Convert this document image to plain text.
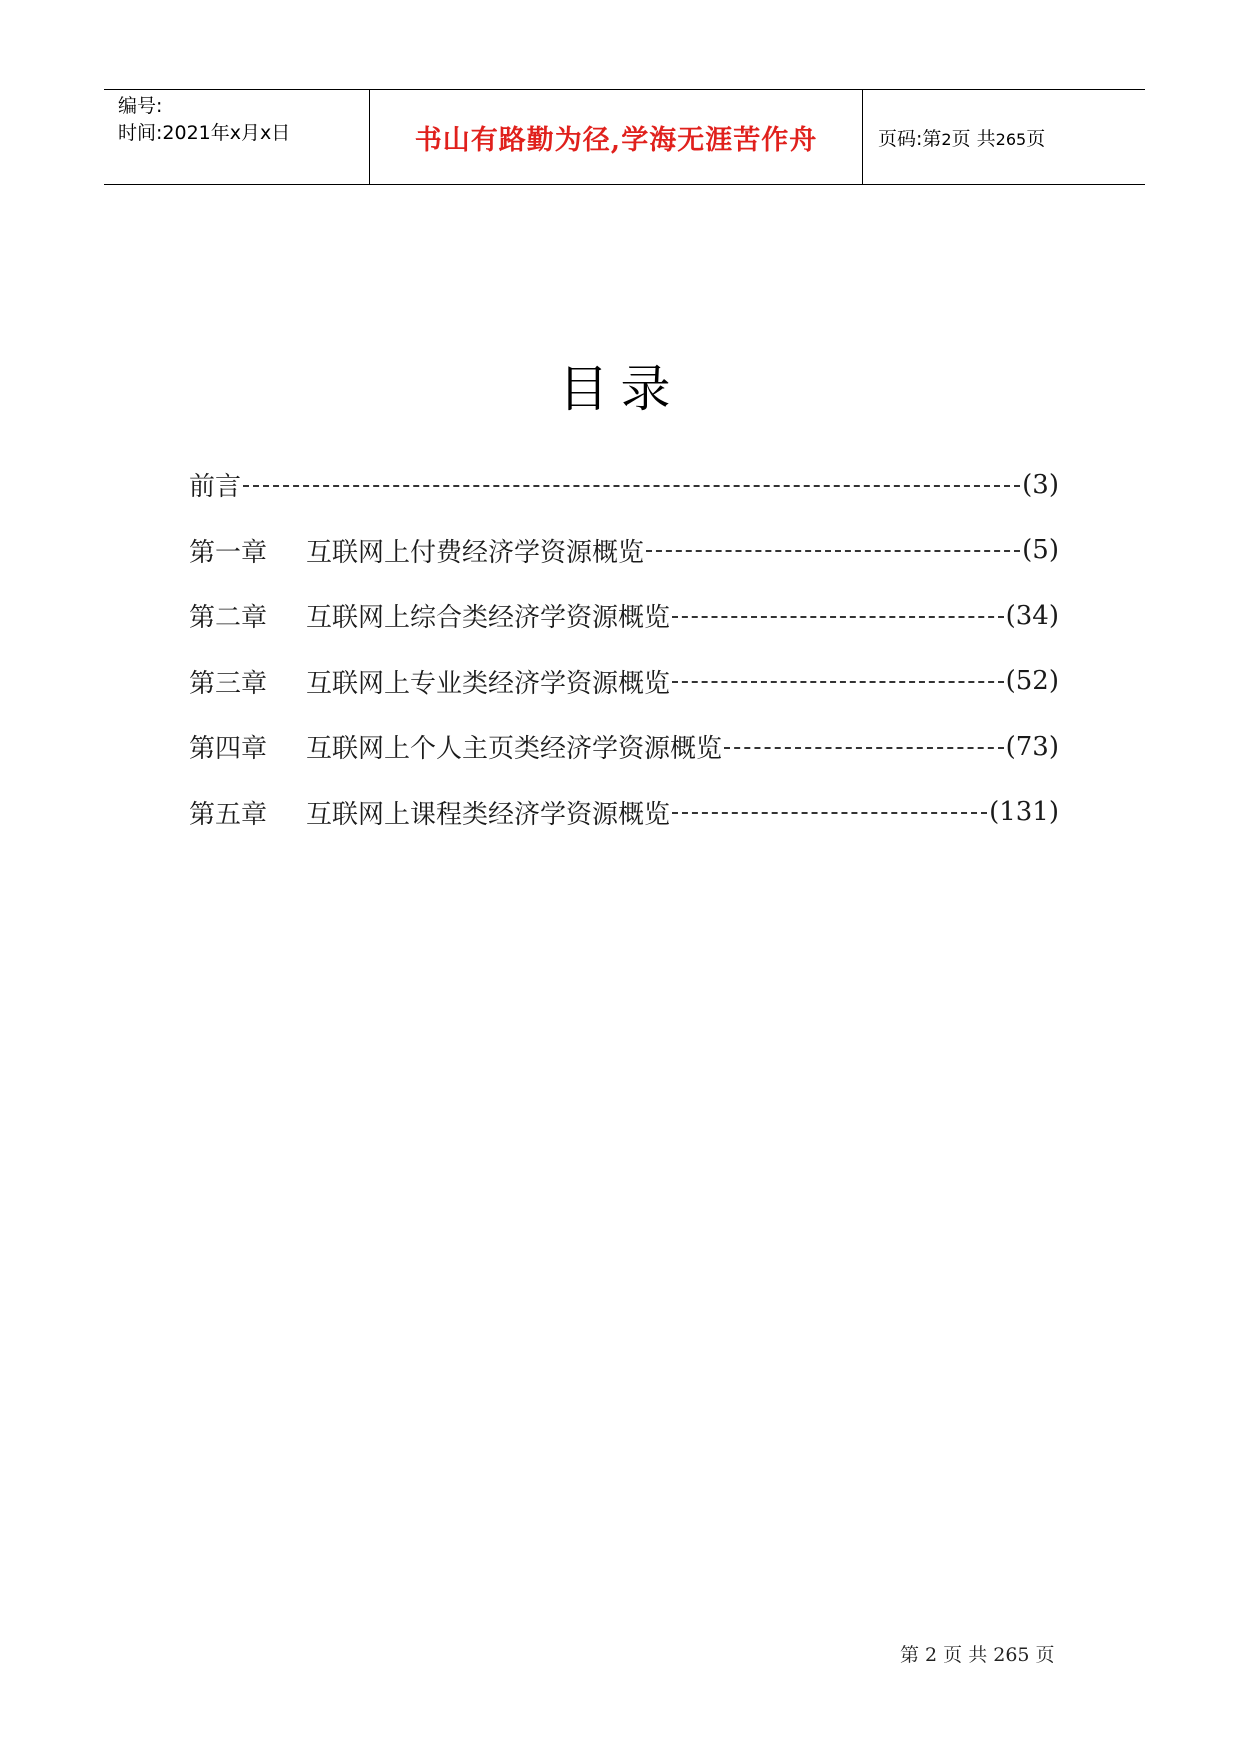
编号:
时间:2021年x月x日	书山有路勤为径,学海无涯苦作舟	页码:第2页 共265页
目录
前言	(3)
第一章	互联网上付费经济学资源概览	(5)
第二章	互联网上综合类经济学资源概览	(34)
第三章	互联网上专业类经济学资源概览	(52)
第四章	互联网上个人主页类经济学资源概览	(73)
第五章	互联网上课程类经济学资源概览	(131)
第 2 页 共 265 页
